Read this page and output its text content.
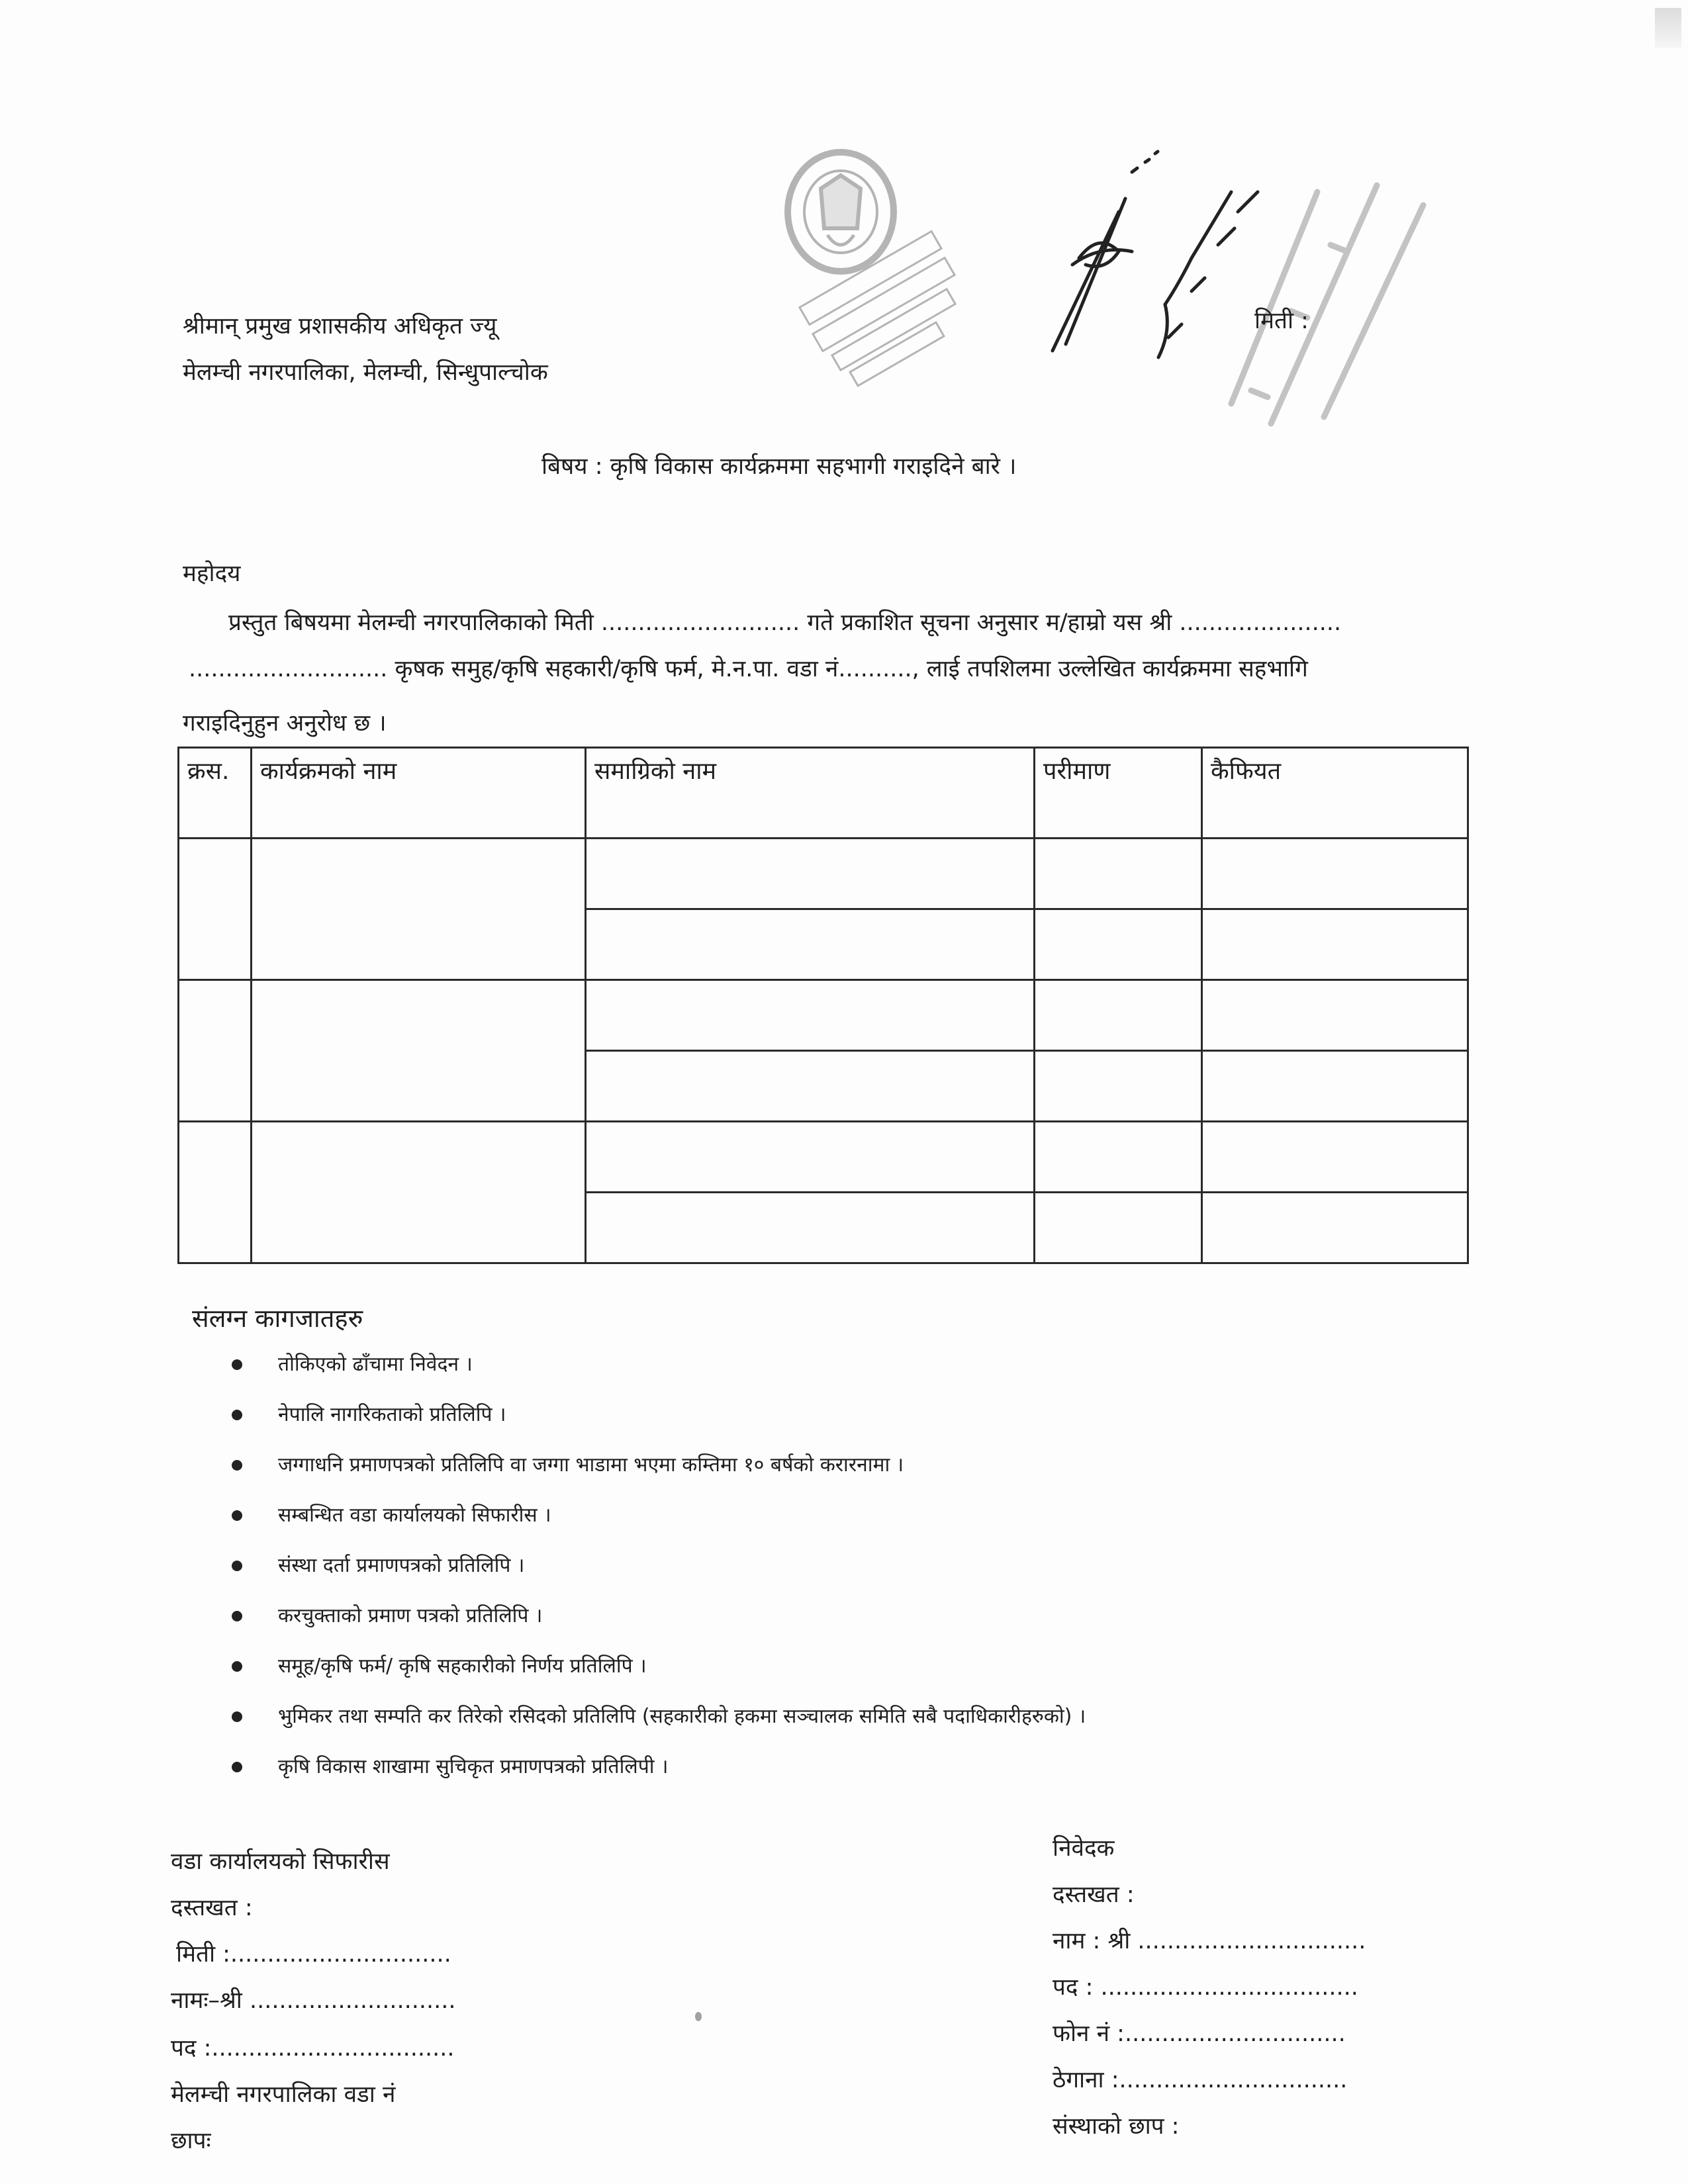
श्रीमान् प्रमुख प्रशासकीय अधिकृत ज्यू
मेलम्ची नगरपालिका, मेलम्ची, सिन्धुपाल्चोक
मिती :
बिषय : कृषि विकास कार्यक्रममा सहभागी गराइदिने बारे ।
महोदय
प्रस्तुत बिषयमा मेलम्ची नगरपालिकाको मिती ........................... गते प्रकाशित सूचना अनुसार म/हाम्रो यस श्री ......................
........................... कृषक समुह/कृषि सहकारी/कृषि फर्म, मे.न.पा. वडा नं.........., लाई तपशिलमा उल्लेखित कार्यक्रममा सहभागि
गराइदिनुहुन अनुरोध छ ।
क्रस.	कार्यक्रमको नाम	समाग्रिको नाम	परीमाण	कैफियत

संलग्न कागजातहरु
तोकिएको ढाँचामा निवेदन ।
नेपालि नागरिकताको प्रतिलिपि ।
जग्गाधनि प्रमाणपत्रको प्रतिलिपि वा जग्गा भाडामा भएमा कम्तिमा १० बर्षको करारनामा ।
सम्बन्धित वडा कार्यालयको सिफारीस ।
संस्था दर्ता प्रमाणपत्रको प्रतिलिपि ।
करचुक्ताको प्रमाण पत्रको प्रतिलिपि ।
समूह/कृषि फर्म/ कृषि सहकारीको निर्णय प्रतिलिपि ।
भुमिकर तथा सम्पति कर तिरेको रसिदको प्रतिलिपि (सहकारीको हकमा सञ्चालक समिति सबै पदाधिकारीहरुको) ।
कृषि विकास शाखामा सुचिकृत प्रमाणपत्रको प्रतिलिपी ।
वडा कार्यालयको सिफारीस
दस्तखत :
मिती :..............................
नामः–श्री ............................
पद :.................................
मेलम्ची नगरपालिका वडा नं
छापः
निवेदक
दस्तखत :
नाम : श्री ...............................
पद : ...................................
फोन नं :..............................
ठेगाना :...............................
संस्थाको छाप :
